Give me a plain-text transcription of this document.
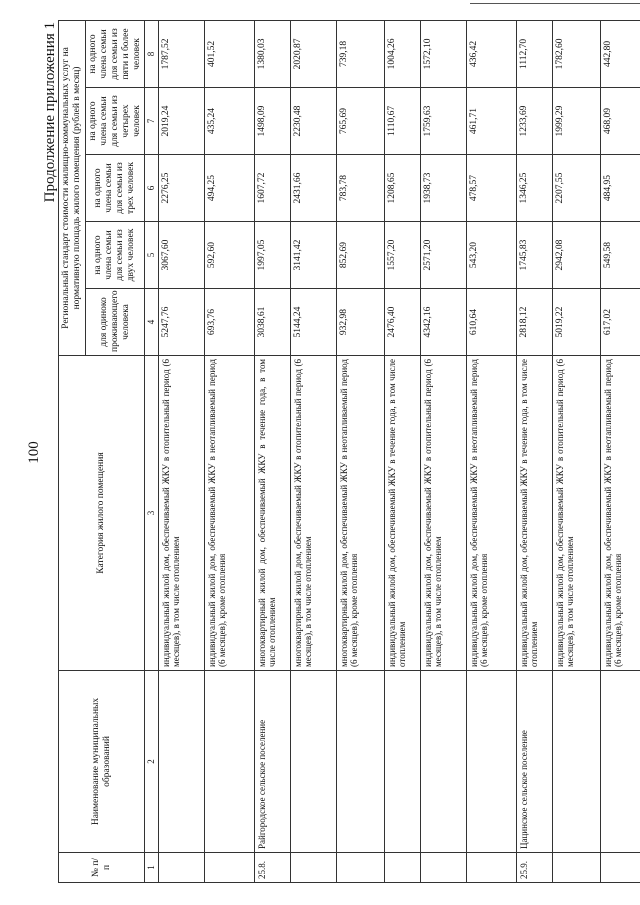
100
Продолжение приложения 1
№ п/п	Наименование муниципальных образований	Категория жилого помещения	Региональный стандарт стоимости жилищно-коммунальных услуг на нормативную площадь жилого помещения (рублей в месяц)				
			для одиноко проживающего человека	на одного члена семьи для семьи из двух человек	на одного члена семьи для семьи из трех человек	на одного члена семьи для семьи из четырех человек	на одного члена семьи для семьи из пяти и более человек
1	2	3	4	5	6	7	8
		индивидуальный жилой дом, обеспечиваемый ЖКУ в отопительный период (6 месяцев), в том числе отоплением	5247,76	3067,60	2276,25	2019,24	1787,52
		индивидуальный жилой дом, обеспечиваемый ЖКУ в неотапливаемый период (6 месяцев), кроме отопления	693,76	592,60	494,25	435,24	401,52
25.8.	Райгородское сельское поселение	многоквартирный жилой дом, обеспечиваемый ЖКУ в течение года, в том числе отоплением	3038,61	1997,05	1607,72	1498,09	1380,03
		многоквартирный жилой дом, обеспечиваемый ЖКУ в отопительный период (6 месяцев), в том числе отоплением	5144,24	3141,42	2431,66	2230,48	2020,87
		многоквартирный жилой дом, обеспечиваемый ЖКУ в неотапливаемый период (6 месяцев), кроме отопления	932,98	852,69	783,78	765,69	739,18
		индивидуальный жилой дом, обеспечиваемый ЖКУ в течение года, в том числе отоплением	2476,40	1557,20	1208,65	1110,67	1004,26
		индивидуальный жилой дом, обеспечиваемый ЖКУ в отопительный период (6 месяцев), в том числе отоплением	4342,16	2571,20	1938,73	1759,63	1572,10
		индивидуальный жилой дом, обеспечиваемый ЖКУ в неотапливаемый период (6 месяцев), кроме отопления	610,64	543,20	478,57	461,71	436,42
25.9.	Цацинское сельское поселение	индивидуальный жилой дом, обеспечиваемый ЖКУ в течение года, в том числе отоплением	2818,12	1745,83	1346,25	1233,69	1112,70
		индивидуальный жилой дом, обеспечиваемый ЖКУ в отопительный период (6 месяцев), в том числе отоплением	5019,22	2942,08	2207,55	1999,29	1782,60
		индивидуальный жилой дом, обеспечиваемый ЖКУ в неотапливаемый период (6 месяцев), кроме отопления	617,02	549,58	484,95	468,09	442,80
